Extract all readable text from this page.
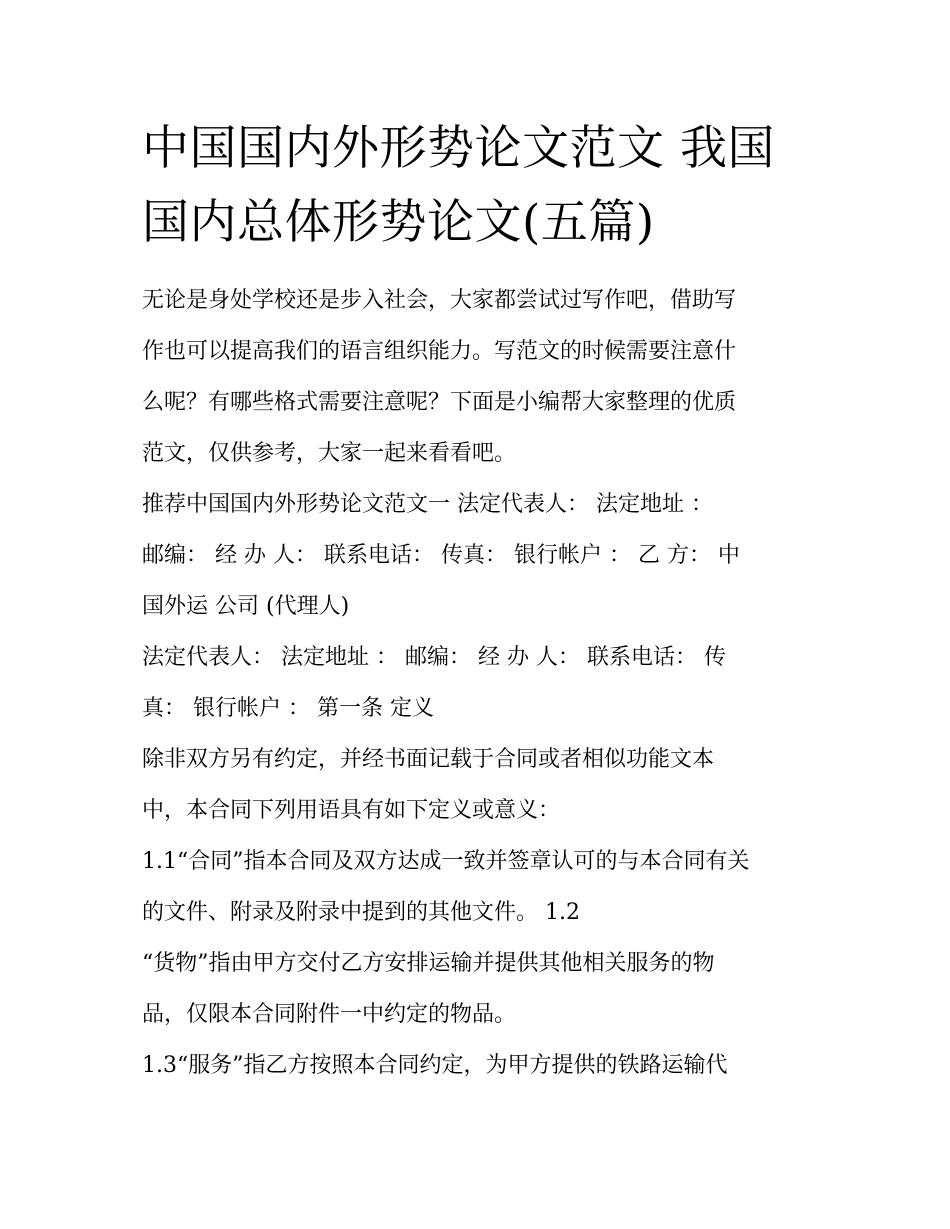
中国国内外形势论文范文 我国
国内总体形势论文(五篇)
无论是身处学校还是步入社会，大家都尝试过写作吧，借助写
作也可以提高我们的语言组织能力。写范文的时候需要注意什
么呢？有哪些格式需要注意呢？下面是小编帮大家整理的优质
范文，仅供参考，大家一起来看看吧。
推荐中国国内外形势论文范文一 法定代表人： 法定地址 ：
邮编： 经 办 人： 联系电话： 传真： 银行帐户 ： 乙 方： 中
国外运 公司 (代理人)
法定代表人： 法定地址 ： 邮编： 经 办 人： 联系电话： 传
真： 银行帐户 ： 第一条 定义
除非双方另有约定，并经书面记载于合同或者相似功能文本
中，本合同下列用语具有如下定义或意义：
1.1“合同”指本合同及双方达成一致并签章认可的与本合同有关
的文件、附录及附录中提到的其他文件。 1.2
“货物”指由甲方交付乙方安排运输并提供其他相关服务的物
品，仅限本合同附件一中约定的物品。
1.3“服务”指乙方按照本合同约定，为甲方提供的铁路运输代
